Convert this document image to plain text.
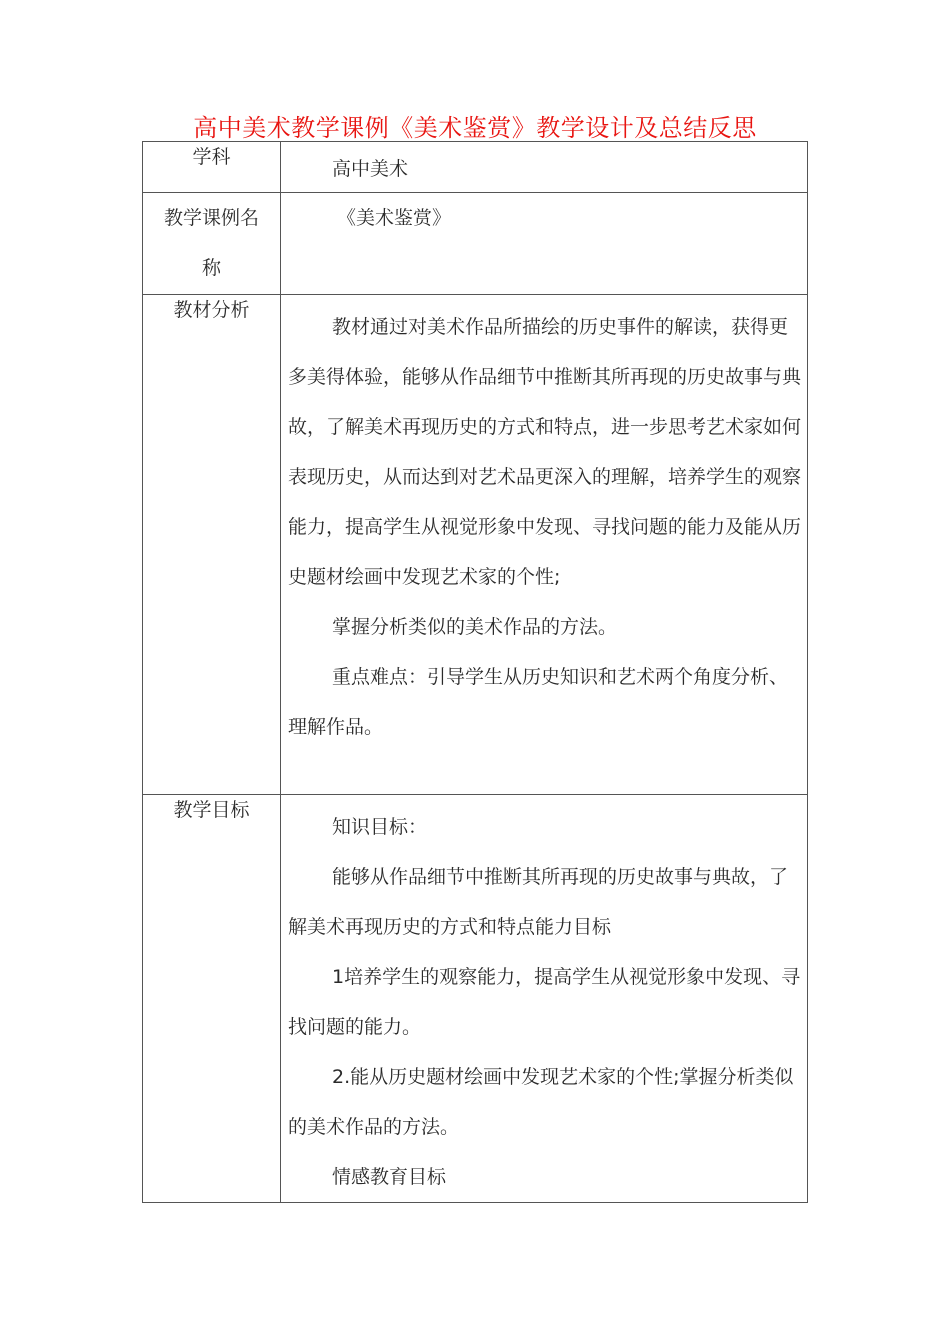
高中美术教学课例《美术鉴赏》教学设计及总结反思
学科	高中美术

教学课例名称	《美术鉴赏》

教材分析	教材通过对美术作品所描绘的历史事件的解读，获得更多美得体验，能够从作品细节中推断其所再现的历史故事与典故，了解美术再现历史的方式和特点，进一步思考艺术家如何表现历史，从而达到对艺术品更深入的理解，培养学生的观察能力，提高学生从视觉形象中发现、寻找问题的能力及能从历史题材绘画中发现艺术家的个性;

掌握分析类似的美术作品的方法。

重点难点：引导学生从历史知识和艺术两个角度分析、理解作品。

教学目标	知识目标：

能够从作品细节中推断其所再现的历史故事与典故，了解美术再现历史的方式和特点能力目标

1培养学生的观察能力，提高学生从视觉形象中发现、寻找问题的能力。

2.能从历史题材绘画中发现艺术家的个性;掌握分析类似的美术作品的方法。

情感教育目标
